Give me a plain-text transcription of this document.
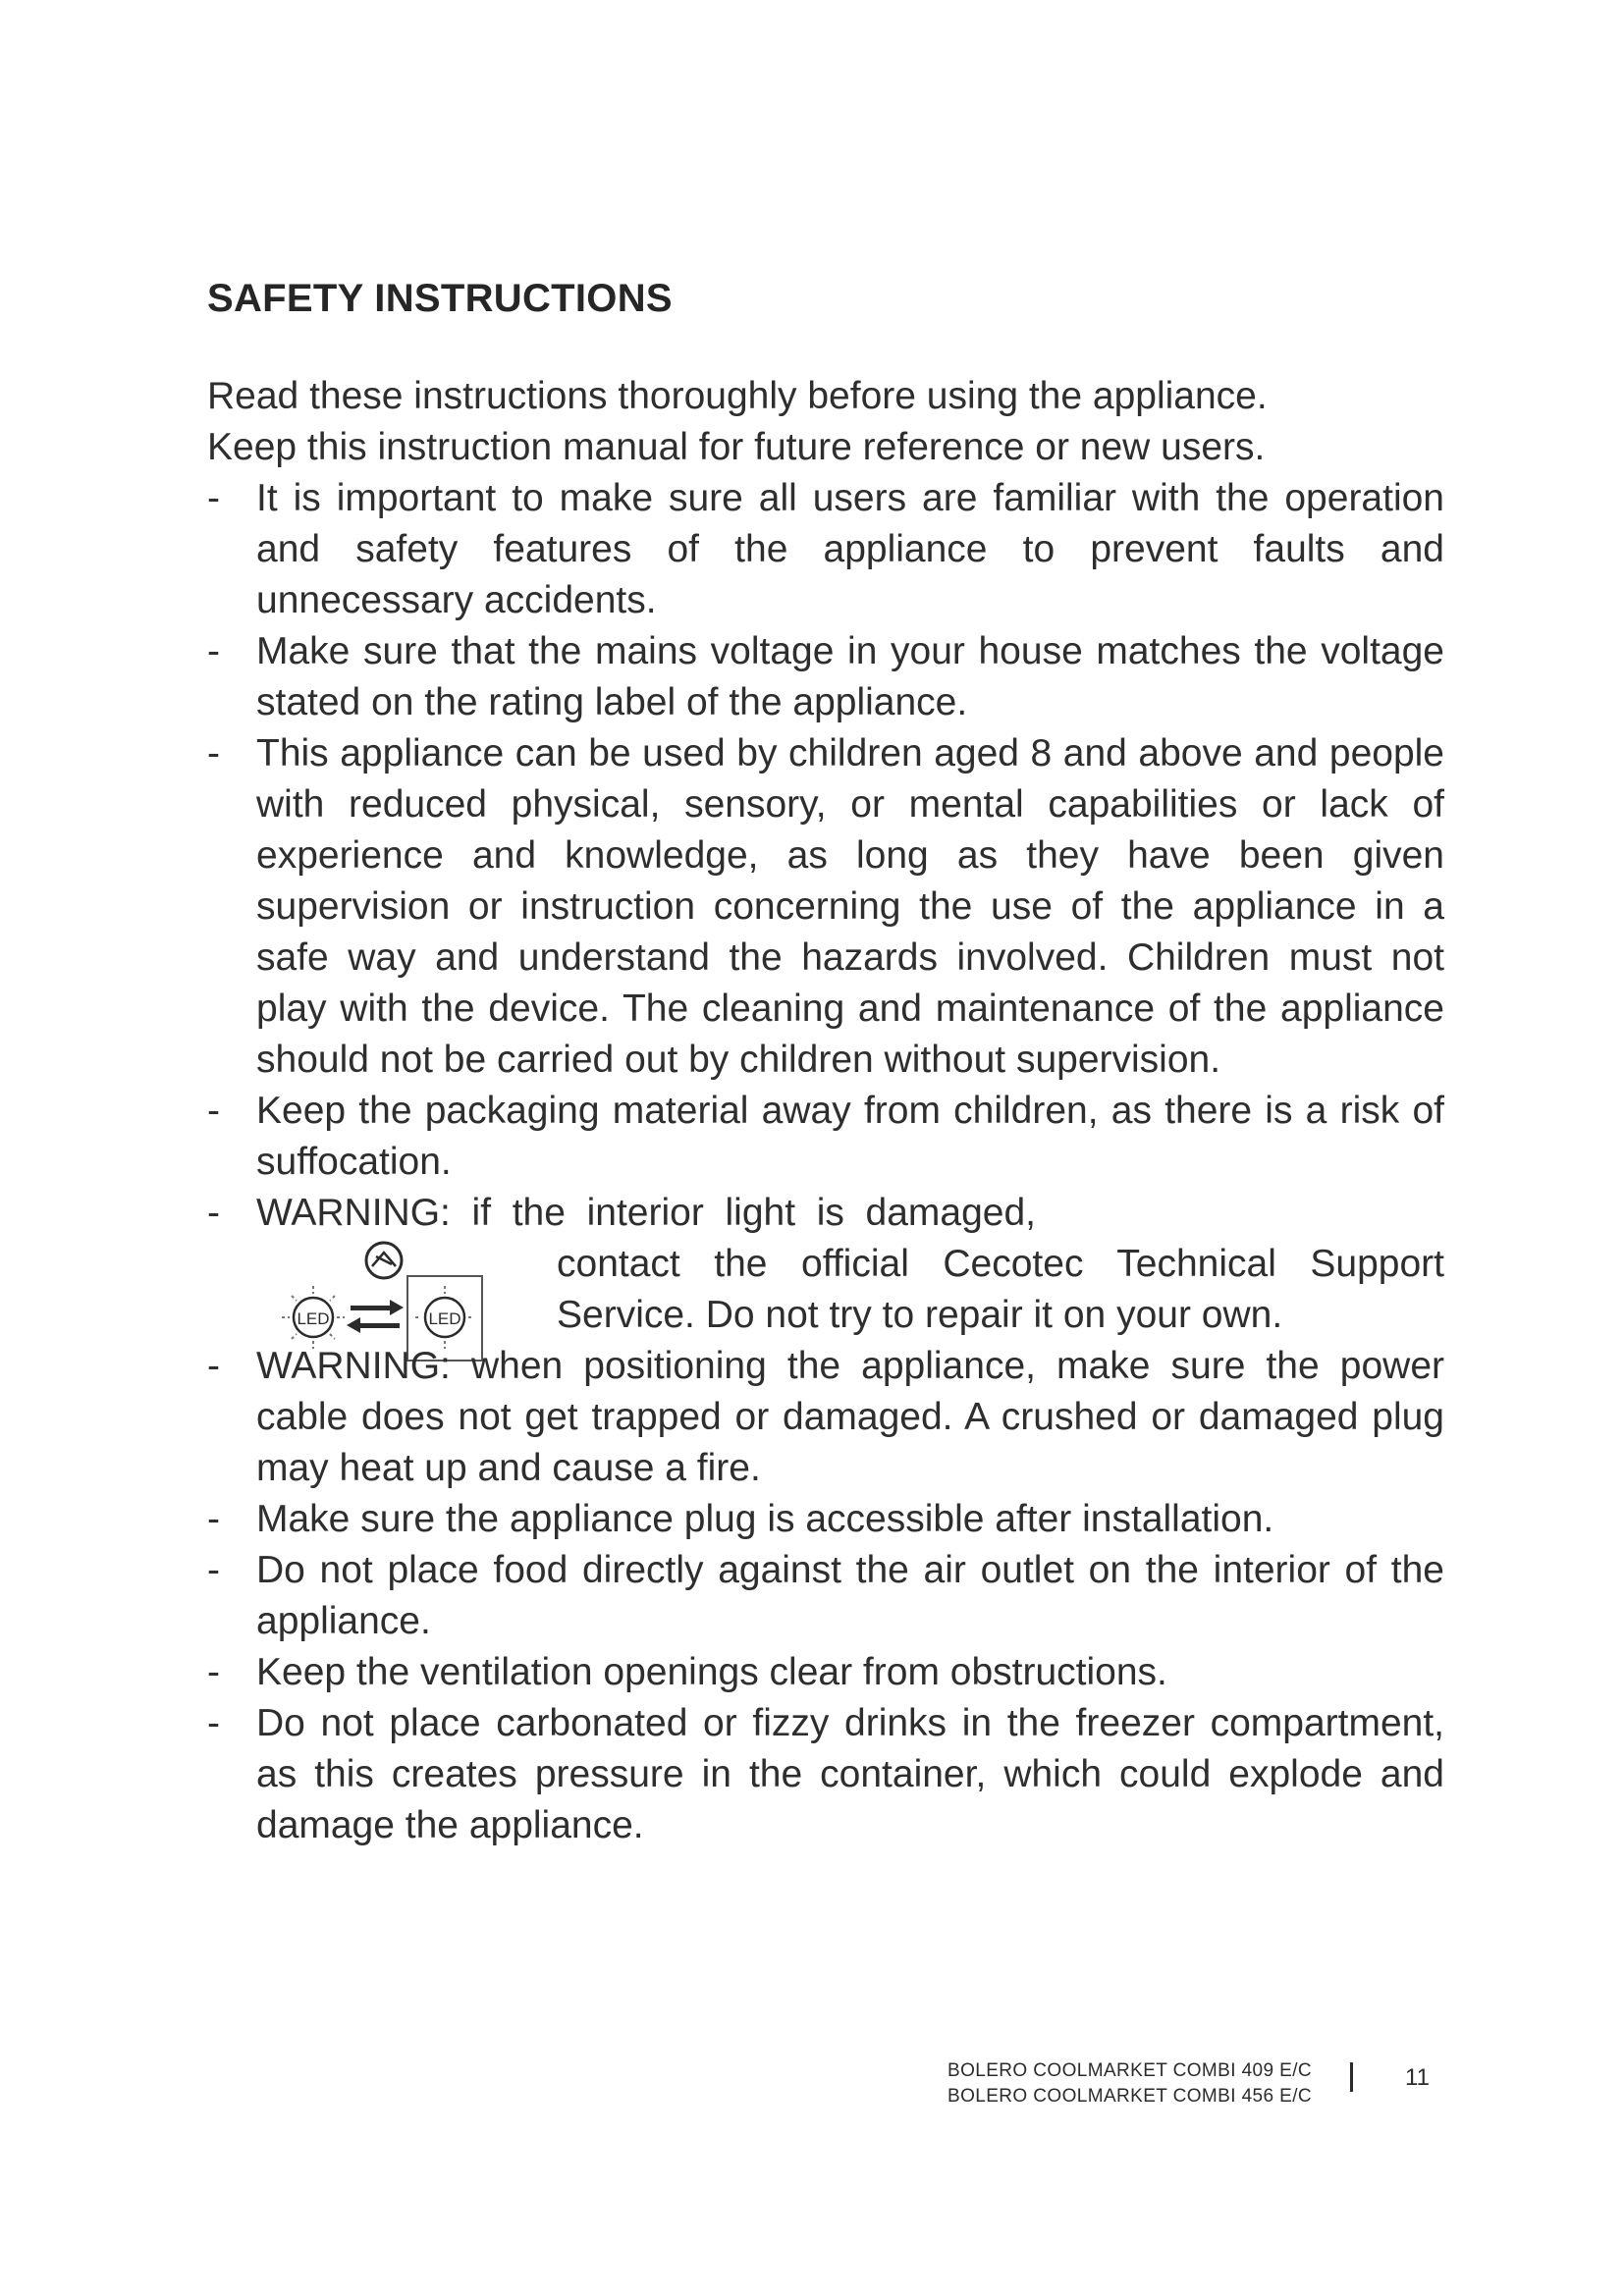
SAFETY INSTRUCTIONS

Read these instructions thoroughly before using the appliance.

Keep this instruction manual for future reference or new users.

- It is important to make sure all users are familiar with the operation and safety features of the appliance to prevent faults and unnecessary accidents.
- Make sure that the mains voltage in your house matches the voltage stated on the rating label of the appliance.
- This appliance can be used by children aged 8 and above and people with reduced physical, sensory, or mental capabilities or lack of experience and knowledge, as long as they have been given supervision or instruction concerning the use of the appliance in a safe way and understand the hazards involved. Children must not play with the device. The cleaning and maintenance of the appliance should not be carried out by children without supervision.
- Keep the packaging material away from children, as there is a risk of suffocation.
- WARNING:  if  the  interior  light  is  damaged,
LED	LED
contact the official Cecotec Technical Support Service. Do not try to repair it on your own.
- WARNING: when positioning the appliance, make sure the power cable does not get trapped or damaged. A crushed or damaged plug may heat up and cause a fire.
- Make sure the appliance plug is accessible after installation.
- Do not place food directly against the air outlet on the interior of the appliance.
- Keep the ventilation openings clear from obstructions.
- Do not place carbonated or fizzy drinks in the freezer compartment, as this creates pressure in the container, which could explode and damage the appliance.
BOLERO COOLMARKET COMBI 409 E/C
BOLERO COOLMARKET COMBI 456 E/C
11
